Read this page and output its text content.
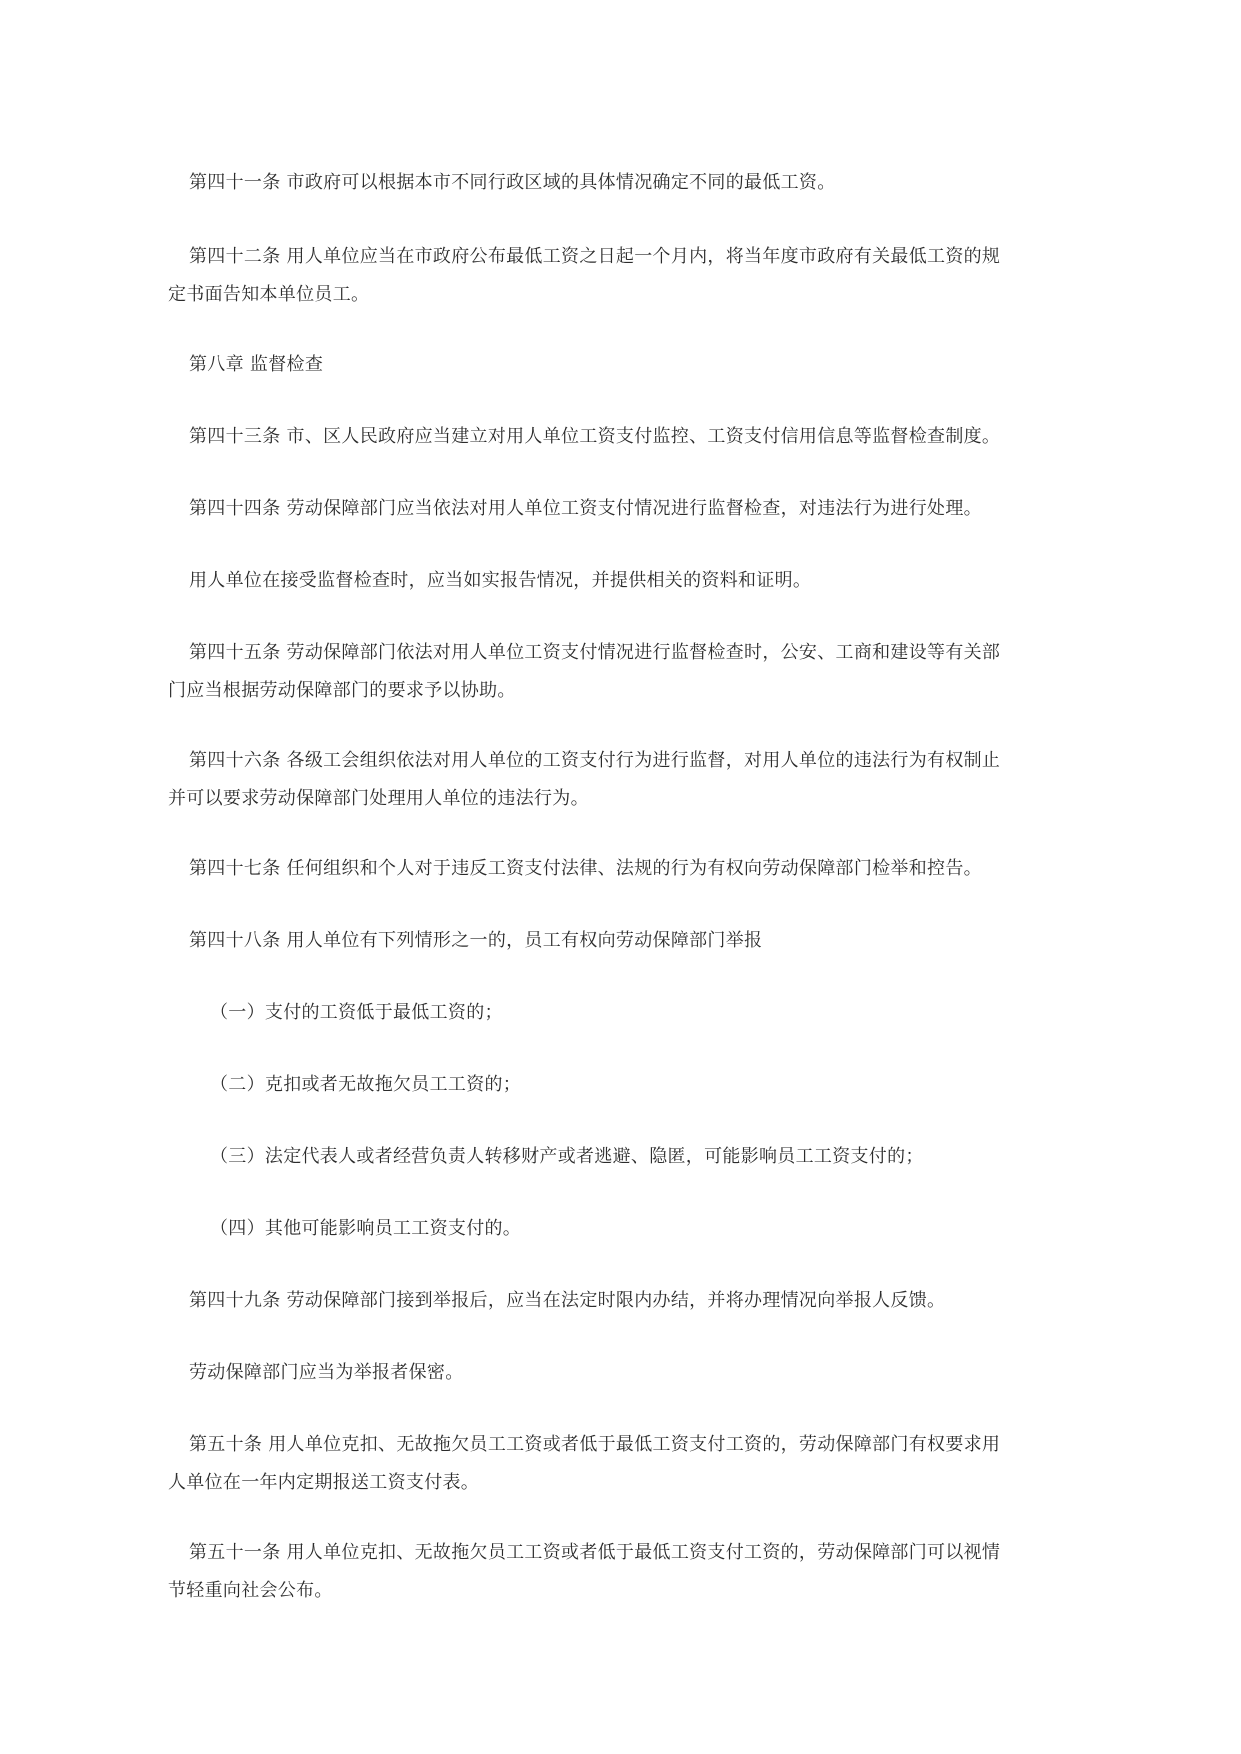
第四十一条 市政府可以根据本市不同行政区域的具体情况确定不同的最低工资。

第四十二条 用人单位应当在市政府公布最低工资之日起一个月内，将当年度市政府有关最低工资的规
定书面告知本单位员工。

第八章 监督检查

第四十三条 市、区人民政府应当建立对用人单位工资支付监控、工资支付信用信息等监督检查制度。

第四十四条 劳动保障部门应当依法对用人单位工资支付情况进行监督检查，对违法行为进行处理。

用人单位在接受监督检查时，应当如实报告情况，并提供相关的资料和证明。

第四十五条 劳动保障部门依法对用人单位工资支付情况进行监督检查时，公安、工商和建设等有关部
门应当根据劳动保障部门的要求予以协助。

第四十六条 各级工会组织依法对用人单位的工资支付行为进行监督，对用人单位的违法行为有权制止
并可以要求劳动保障部门处理用人单位的违法行为。

第四十七条 任何组织和个人对于违反工资支付法律、法规的行为有权向劳动保障部门检举和控告。

第四十八条 用人单位有下列情形之一的，员工有权向劳动保障部门举报

（一）支付的工资低于最低工资的；

（二）克扣或者无故拖欠员工工资的；

（三）法定代表人或者经营负责人转移财产或者逃避、隐匿，可能影响员工工资支付的；

（四）其他可能影响员工工资支付的。

第四十九条 劳动保障部门接到举报后，应当在法定时限内办结，并将办理情况向举报人反馈。

劳动保障部门应当为举报者保密。

第五十条 用人单位克扣、无故拖欠员工工资或者低于最低工资支付工资的，劳动保障部门有权要求用
人单位在一年内定期报送工资支付表。

第五十一条 用人单位克扣、无故拖欠员工工资或者低于最低工资支付工资的，劳动保障部门可以视情
节轻重向社会公布。
